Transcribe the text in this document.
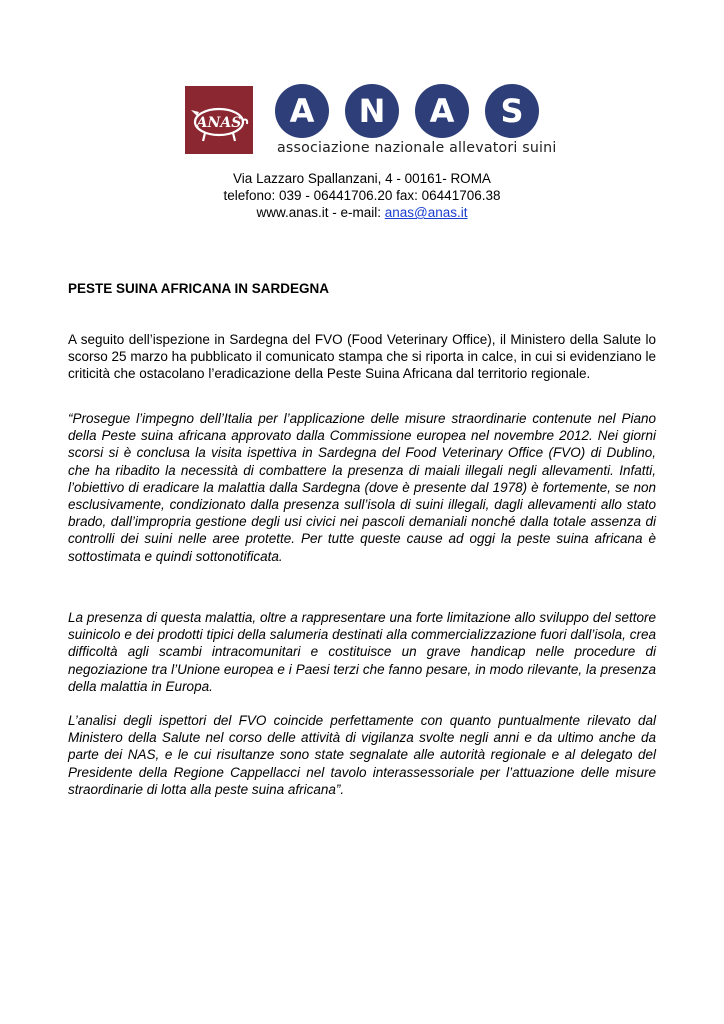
ANAS	A	N	A	S
associazione nazionale allevatori suini
Via Lazzaro Spallanzani, 4 - 00161- ROMA
telefono: 039 - 06441706.20 fax: 06441706.38
www.anas.it - e-mail: anas@anas.it
PESTE SUINA AFRICANA IN SARDEGNA

A seguito dell’ispezione in Sardegna del FVO (Food Veterinary Office), il Ministero della Salute lo scorso 25 marzo ha pubblicato il comunicato stampa che si riporta in calce, in cui si evidenziano le criticità che ostacolano l’eradicazione della Peste Suina Africana dal territorio regionale.

“Prosegue l’impegno dell’Italia per l’applicazione delle misure straordinarie contenute nel Piano della Peste suina africana approvato dalla Commissione europea nel novembre 2012. Nei giorni scorsi si è conclusa la visita ispettiva in Sardegna del Food Veterinary Office (FVO) di Dublino, che ha ribadito la necessità di combattere la presenza di maiali illegali negli allevamenti. Infatti, l’obiettivo di eradicare la malattia dalla Sardegna (dove è presente dal 1978) è fortemente, se non esclusivamente, condizionato dalla presenza sull’isola di suini illegali, dagli allevamenti allo stato brado, dall’impropria gestione degli usi civici nei pascoli demaniali nonché dalla totale assenza di controlli dei suini nelle aree protette. Per tutte queste cause ad oggi la peste suina africana è sottostimata e quindi sottonotificata.

La presenza di questa malattia, oltre a rappresentare una forte limitazione allo sviluppo del settore suinicolo e dei prodotti tipici della salumeria destinati alla commercializzazione fuori dall’isola, crea difficoltà agli scambi intracomunitari e costituisce un grave handicap nelle procedure di negoziazione tra l’Unione europea e i Paesi terzi che fanno pesare, in modo rilevante, la presenza della malattia in Europa.

L’analisi degli ispettori del FVO coincide perfettamente con quanto puntualmente rilevato dal Ministero della Salute nel corso delle attività di vigilanza svolte negli anni e da ultimo anche da parte dei NAS, e le cui risultanze sono state segnalate alle autorità regionale e al delegato del Presidente della Regione Cappellacci nel tavolo interassessoriale per l’attuazione delle misure straordinarie di lotta alla peste suina africana”.
